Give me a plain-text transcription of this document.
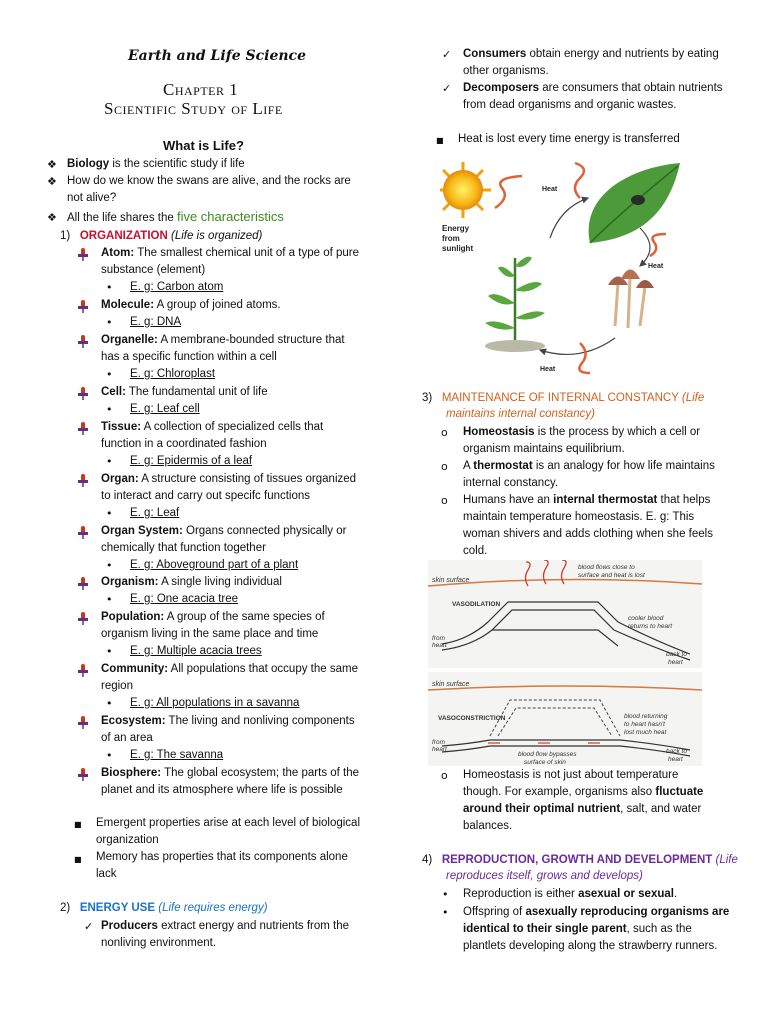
Earth and Life Science
Chapter 1
Scientific Study of Life
What is Life?
❖ Biology is the scientific study if life
❖ How do we know the swans are alive, and the rocks are
not alive?
❖ All the life shares the five characteristics
1) ORGANIZATION (Life is organized)
Atom: The smallest chemical unit of a type of pure
substance (element)
• E. g: Carbon atom
Molecule: A group of joined atoms.
• E. g: DNA
Organelle: A membrane-bounded structure that
has a specific function within a cell
• E. g: Chloroplast
Cell: The fundamental unit of life
• E. g: Leaf cell
Tissue: A collection of specialized cells that
function in a coordinated fashion
• E. g: Epidermis of a leaf
Organ: A structure consisting of tissues organized
to interact and carry out specifc functions
• E. g: Leaf
Organ System: Organs connected physically or
chemically that function together
• E. g: Aboveground part of a plant
Organism: A single living individual
• E. g: One acacia tree
Population: A group of the same species of
organism living in the same place and time
• E. g: Multiple acacia trees
Community: All populations that occupy the same
region
• E. g: All populations in a savanna
Ecosystem: The living and nonliving components
of an area
• E. g: The savanna
Biosphere: The global ecosystem; the parts of the
planet and its atmosphere where life is possible
■ Emergent properties arise at each level of biological
organization
■ Memory has properties that its components alone
lack
2) ENERGY USE (Life requires energy)
✓ Producers extract energy and nutrients from the
nonliving environment.
✓ Consumers obtain energy and nutrients by eating
other organisms.
✓ Decomposers are consumers that obtain nutrients
from dead organisms and organic wastes.
■ Heat is lost every time energy is transferred
Energy
from
sunlight
Heat
Heat
Heat
3) MAINTENANCE OF INTERNAL CONSTANCY (Life
maintains internal constancy)
o Homeostasis is the process by which a cell or
organism maintains equilibrium.
o A thermostat is an analogy for how life maintains
internal constancy.
o Humans have an internal thermostat that helps
maintain temperature homeostasis. E. g: This
woman shivers and adds clothing when she feels
cold.
skin surface
blood flows close to
surface and heat is lost
VASODILATION
from
heart
cooler blood
returns to heart
back to
heart
skin surface
VASOCONSTRICTION
from
heart
blood returning
to heart hasn't
lost much heat
blood flow bypasses
surface of skin
back to
heart
o Homeostasis is not just about temperature
though. For example, organisms also fluctuate
around their optimal nutrient, salt, and water
balances.
4) REPRODUCTION, GROWTH AND DEVELOPMENT (Life
reproduces itself, grows and develops)
• Reproduction is either asexual or sexual.
• Offspring of asexually reproducing organisms are
identical to their single parent, such as the
plantlets developing along the strawberry runners.
